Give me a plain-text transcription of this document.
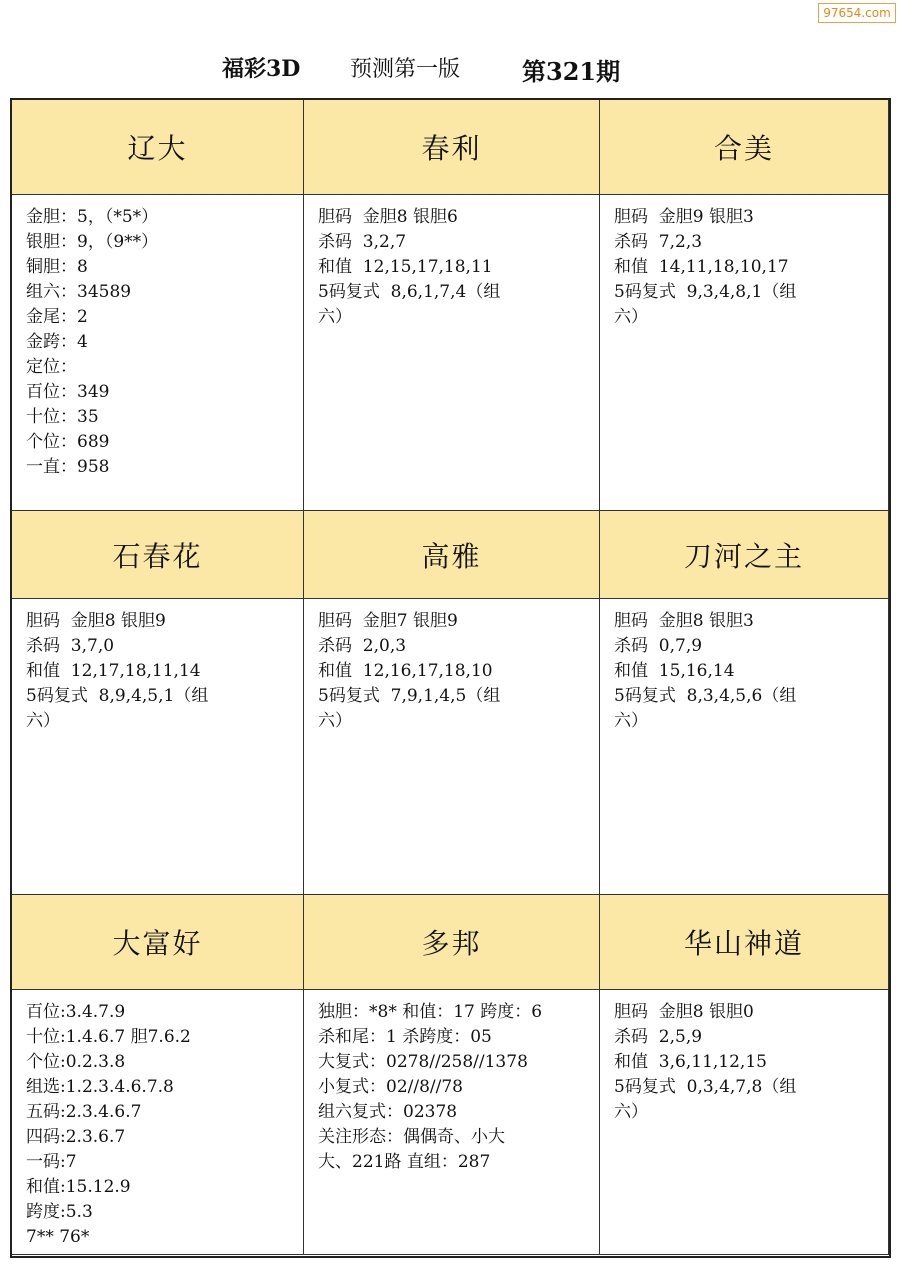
97654.com
福彩3D 预测第一版	第321期
辽大
金胆：5，（*5*）
银胆：9，（9**）
铜胆：8
组六：34589
金尾：2
金跨：4
定位：
百位：349
十位：35
个位：689
一直：958
春利
胆码  金胆8 银胆6
杀码  3,2,7
和值  12,15,17,18,11
5码复式  8,6,1,7,4（组
六）
合美
胆码  金胆9 银胆3
杀码  7,2,3
和值  14,11,18,10,17
5码复式  9,3,4,8,1（组
六）
石春花
胆码  金胆8 银胆9
杀码  3,7,0
和值  12,17,18,11,14
5码复式  8,9,4,5,1（组
六）
高雅
胆码  金胆7 银胆9
杀码  2,0,3
和值  12,16,17,18,10
5码复式  7,9,1,4,5（组
六）
刀河之主
胆码  金胆8 银胆3
杀码  0,7,9
和值  15,16,14
5码复式  8,3,4,5,6（组
六）
大富好
百位:3.4.7.9
十位:1.4.6.7 胆7.6.2
个位:0.2.3.8
组选:1.2.3.4.6.7.8
五码:2.3.4.6.7
四码:2.3.6.7
一码:7
和值:15.12.9
跨度:5.3
7** 76*
多邦
独胆：*8* 和值：17 跨度：6
杀和尾：1 杀跨度：05
大复式：0278//258//1378
小复式：02//8//78
组六复式：02378
关注形态：偶偶奇、小大
大、221路 直组：287
华山神道
胆码  金胆8 银胆0
杀码  2,5,9
和值  3,6,11,12,15
5码复式  0,3,4,7,8（组
六）
